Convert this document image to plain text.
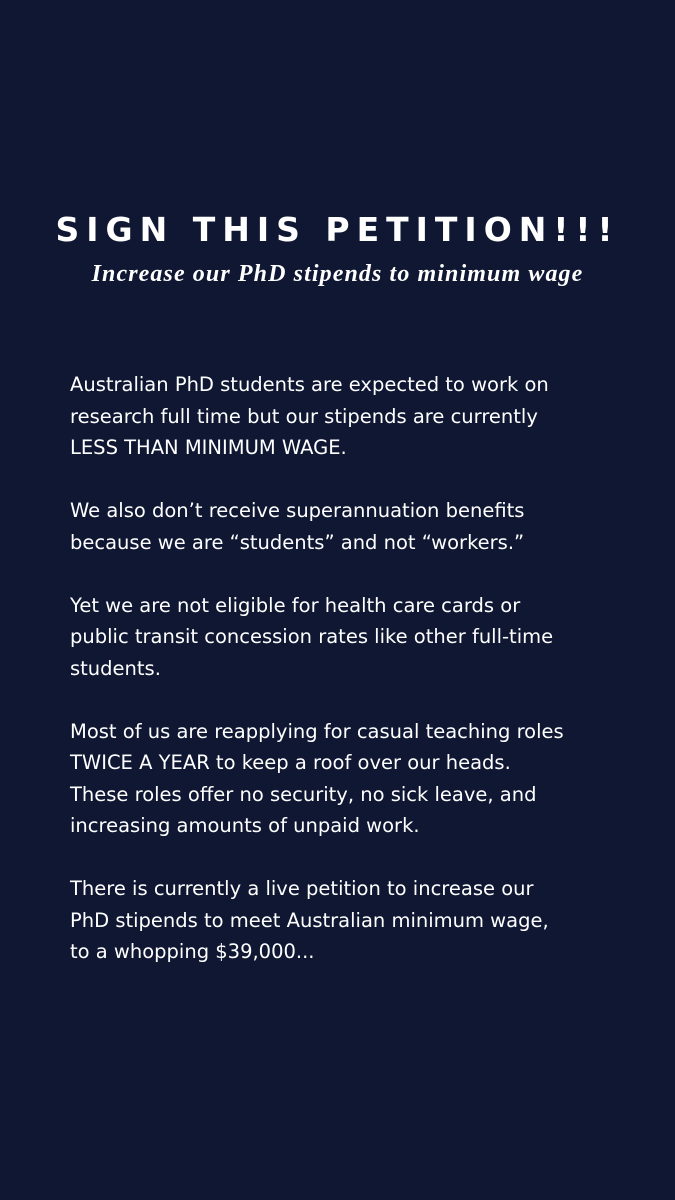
SIGN THIS PETITION!!!
Increase our PhD stipends to minimum wage

Australian PhD students are expected to work on
research full time but our stipends are currently
LESS THAN MINIMUM WAGE.

We also don’t receive superannuation benefits
because we are “students” and not “workers.”

Yet we are not eligible for health care cards or
public transit concession rates like other full-time
students.

Most of us are reapplying for casual teaching roles
TWICE A YEAR to keep a roof over our heads.
These roles offer no security, no sick leave, and
increasing amounts of unpaid work.

There is currently a live petition to increase our
PhD stipends to meet Australian minimum wage,
to a whopping $39,000...
